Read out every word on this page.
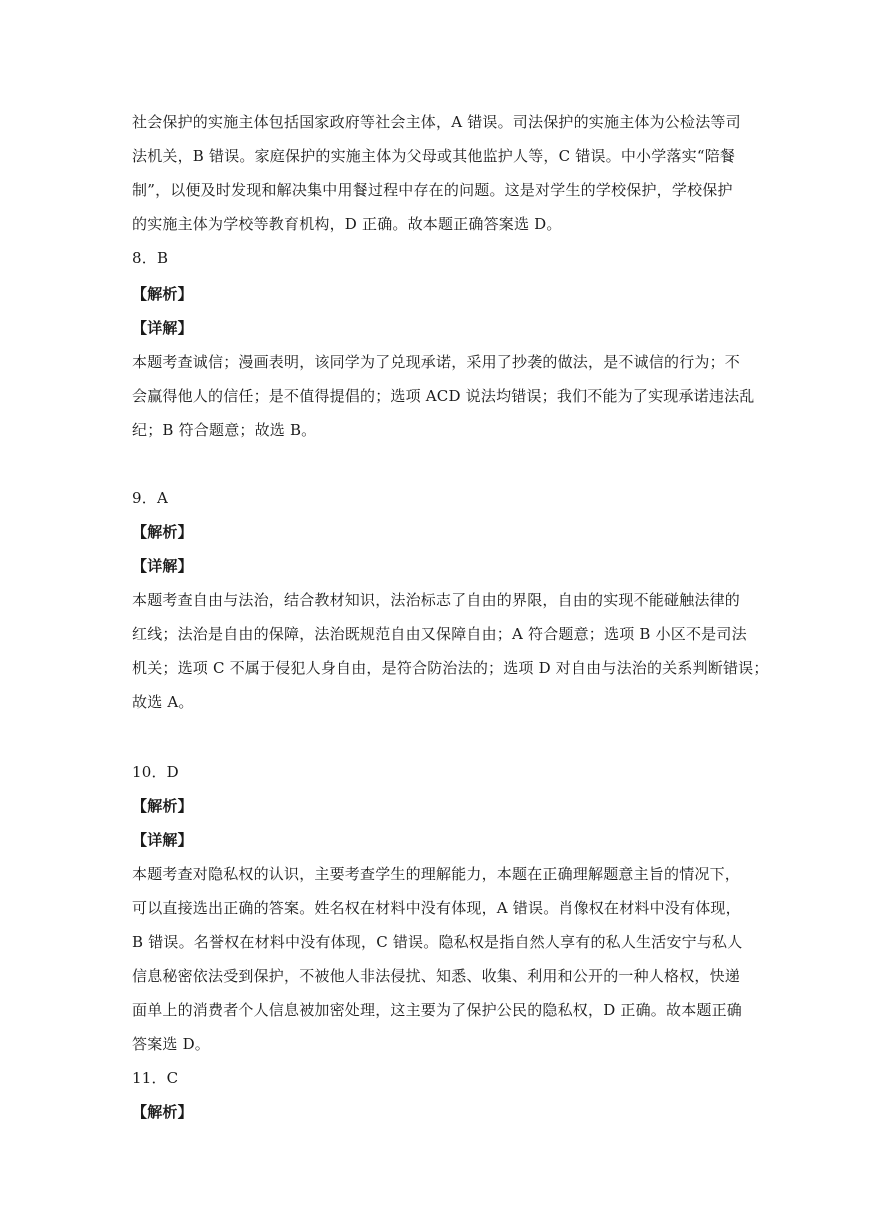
社会保护的实施主体包括国家政府等社会主体，A 错误。司法保护的实施主体为公检法等司
法机关，B 错误。家庭保护的实施主体为父母或其他监护人等，C 错误。中小学落实“陪餐
制”，以便及时发现和解决集中用餐过程中存在的问题。这是对学生的学校保护，学校保护
的实施主体为学校等教育机构，D 正确。故本题正确答案选 D。
8．B
【解析】
【详解】
本题考查诚信；漫画表明，该同学为了兑现承诺，采用了抄袭的做法，是不诚信的行为；不
会赢得他人的信任；是不值得提倡的；选项 ACD 说法均错误；我们不能为了实现承诺违法乱
纪；B 符合题意；故选 B。
9．A
【解析】
【详解】
本题考查自由与法治，结合教材知识，法治标志了自由的界限，自由的实现不能碰触法律的
红线；法治是自由的保障，法治既规范自由又保障自由；A 符合题意；选项 B 小区不是司法
机关；选项 C 不属于侵犯人身自由，是符合防治法的；选项 D 对自由与法治的关系判断错误；
故选 A。
10．D
【解析】
【详解】
本题考查对隐私权的认识，主要考查学生的理解能力，本题在正确理解题意主旨的情况下，
可以直接选出正确的答案。姓名权在材料中没有体现，A 错误。肖像权在材料中没有体现，
B 错误。名誉权在材料中没有体现，C 错误。隐私权是指自然人享有的私人生活安宁与私人
信息秘密依法受到保护，不被他人非法侵扰、知悉、收集、利用和公开的一种人格权，快递
面单上的消费者个人信息被加密处理，这主要为了保护公民的隐私权，D 正确。故本题正确
答案选 D。
11．C
【解析】
